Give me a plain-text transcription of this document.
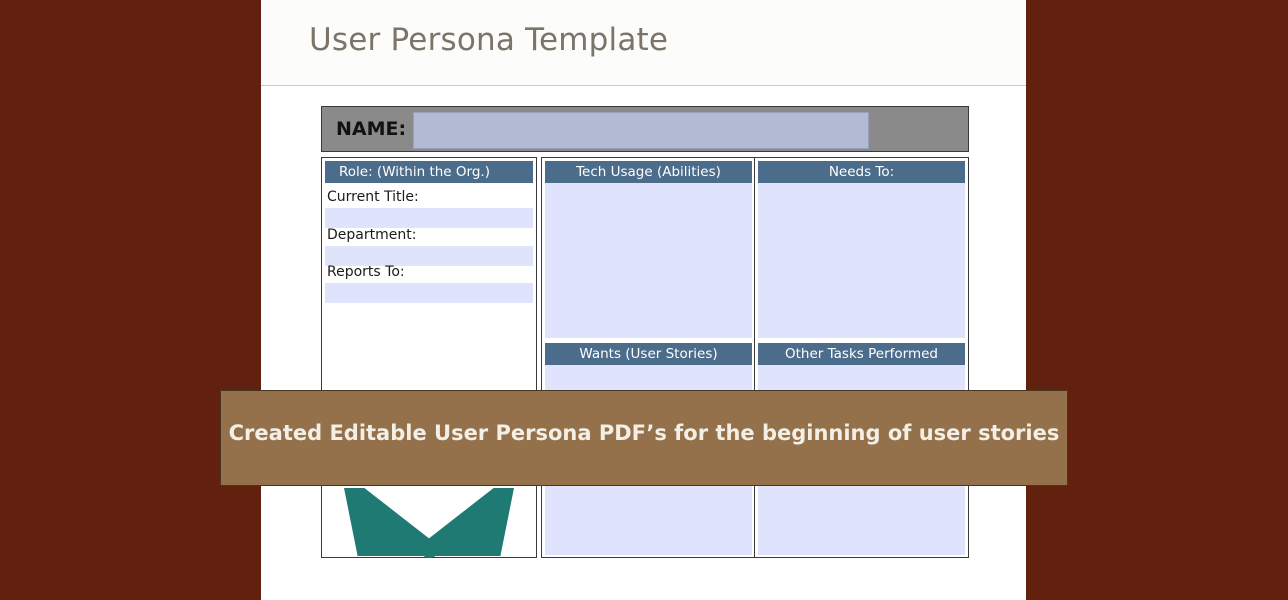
User Persona Template
NAME:
Role: (Within the Org.)
Current Title:
Department:
Reports To:
Tech Usage (Abilities)
Wants (User Stories)
Needs To:
Other Tasks Performed
Created Editable User Persona PDF’s for the beginning of user stories
